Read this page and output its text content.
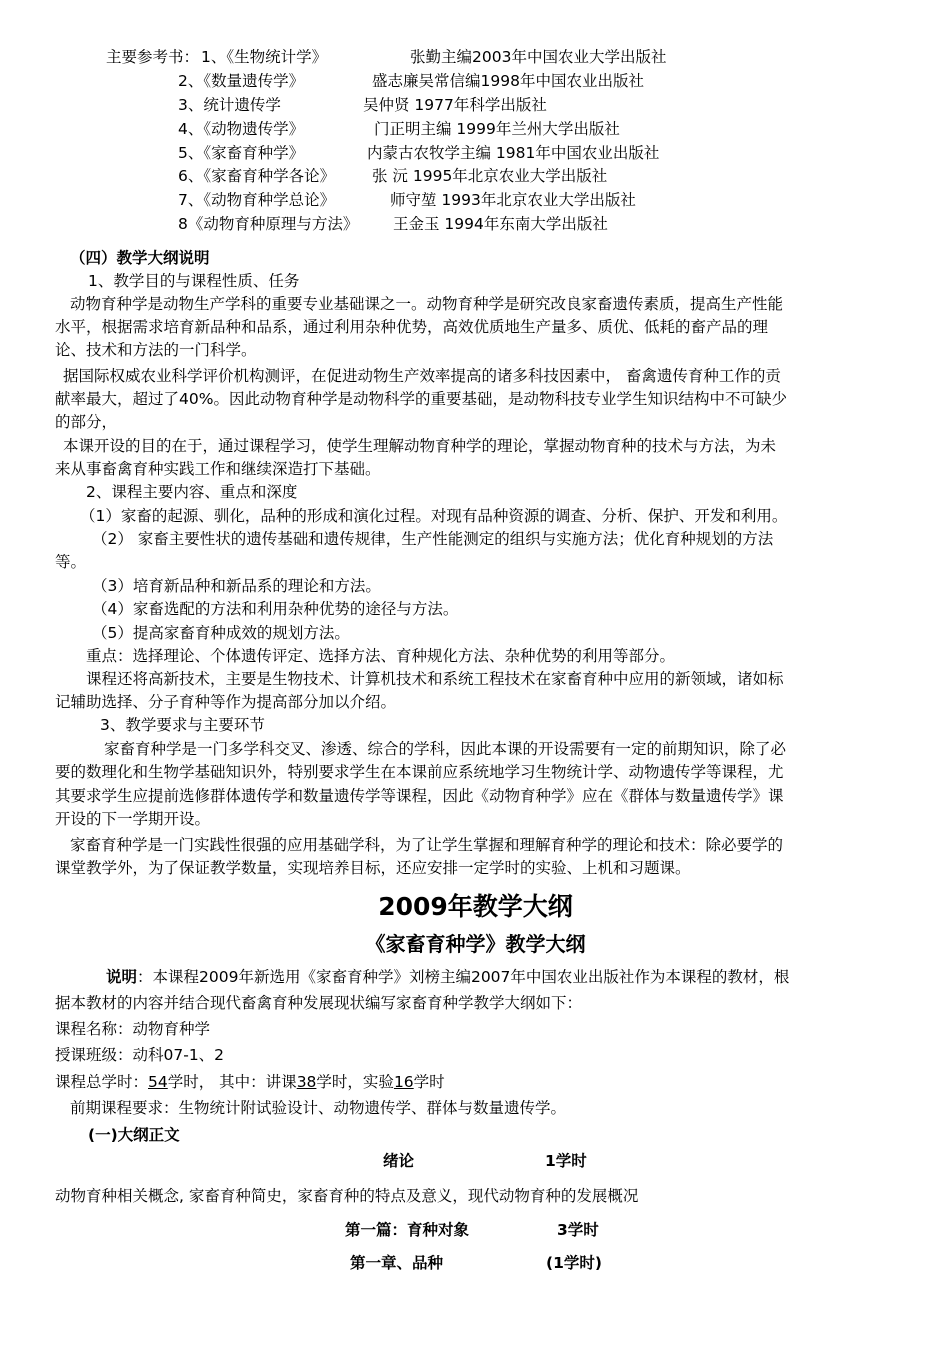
主要参考书： 1、《生物统计学》	张勤主编2003年中国农业大学出版社
2、《数量遗传学》	盛志廉吴常信编1998年中国农业出版社
3、统计遗传学	吴仲贤 1977年科学出版社
4、《动物遗传学》	门正明主编 1999年兰州大学出版社
5、《家畜育种学》	内蒙古农牧学主编 1981年中国农业出版社
6、《家畜育种学各论》 张 沅 1995年北京农业大学出版社
7、《动物育种学总论》	师守堃 1993年北京农业大学出版社
8《动物育种原理与方法》 王金玉 1994年东南大学出版社
（四）教学大纲说明
1、教学目的与课程性质、任务
动物育种学是动物生产学科的重要专业基础课之一。动物育种学是研究改良家畜遗传素质，提高生产性能
水平，根据需求培育新品种和品系，通过利用杂种优势，高效优质地生产量多、质优、低耗的畜产品的理
论、技术和方法的一门科学。
据国际权威农业科学评价机构测评，在促进动物生产效率提高的诸多科技因素中， 畜禽遗传育种工作的贡
献率最大，超过了40%。因此动物育种学是动物科学的重要基础，是动物科技专业学生知识结构中不可缺少
的部分，
本课开设的目的在于，通过课程学习，使学生理解动物育种学的理论，掌握动物育种的技术与方法，为未
来从事畜禽育种实践工作和继续深造打下基础。
2、课程主要内容、重点和深度
（1）家畜的起源、驯化，品种的形成和演化过程。对现有品种资源的调查、分析、保护、开发和利用。
（2） 家畜主要性状的遗传基础和遗传规律，生产性能测定的组织与实施方法；优化育种规划的方法
等。
（3）培育新品种和新品系的理论和方法。
（4）家畜选配的方法和利用杂种优势的途径与方法。
（5）提高家畜育种成效的规划方法。
重点：选择理论、个体遗传评定、选择方法、育种规化方法、杂种优势的利用等部分。
课程还将高新技术，主要是生物技术、计算机技术和系统工程技术在家畜育种中应用的新领域，诸如标
记辅助选择、分子育种等作为提高部分加以介绍。
3、教学要求与主要环节
家畜育种学是一门多学科交叉、渗透、综合的学科，因此本课的开设需要有一定的前期知识，除了必
要的数理化和生物学基础知识外，特别要求学生在本课前应系统地学习生物统计学、动物遗传学等课程，尤
其要求学生应提前选修群体遗传学和数量遗传学等课程，因此《动物育种学》应在《群体与数量遗传学》课
开设的下一学期开设。
家畜育种学是一门实践性很强的应用基础学科，为了让学生掌握和理解育种学的理论和技术：除必要学的
课堂教学外，为了保证教学数量，实现培养目标，还应安排一定学时的实验、上机和习题课。
2009年教学大纲
《家畜育种学》教学大纲
说明：本课程2009年新选用《家畜育种学》刘榜主编2007年中国农业出版社作为本课程的教材，根
据本教材的内容并结合现代畜禽育种发展现状编写家畜育种学教学大纲如下：
课程名称：动物育种学
授课班级：动科07-1、2
课程总学时：54学时， 其中：讲课38学时，实验16学时
前期课程要求：生物统计附试验设计、动物遗传学、群体与数量遗传学。
(一)大纲正文
绪论	1学时
动物育种相关概念, 家畜育种简史，家畜育种的特点及意义，现代动物育种的发展概况
第一篇：育种对象	3学时
第一章、品种	(1学时)
